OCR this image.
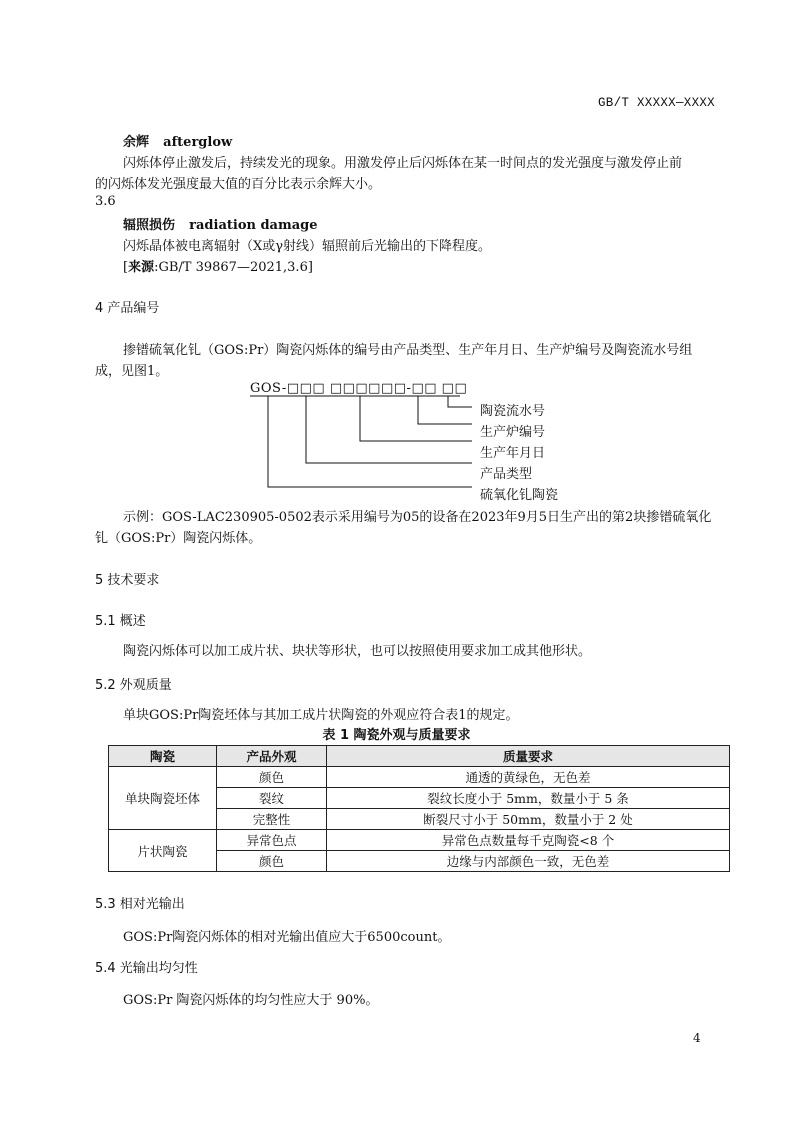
GB/T XXXXX—XXXX
余辉 afterglow
闪烁体停止激发后，持续发光的现象。用激发停止后闪烁体在某一时间点的发光强度与激发停止前
的闪烁体发光强度最大值的百分比表示余辉大小。
3.6
辐照损伤 radiation damage
闪烁晶体被电离辐射（X或γ射线）辐照前后光输出的下降程度。
[来源:GB/T 39867—2021,3.6]
4 产品编号
掺镨硫氧化钆（GOS:Pr）陶瓷闪烁体的编号由产品类型、生产年月日、生产炉编号及陶瓷流水号组
成，见图1。
GOS-□□□ □□□□□□-□□ □□
陶瓷流水号
生产炉编号
生产年月日
产品类型
硫氧化钆陶瓷
示例：GOS-LAC230905-0502表示采用编号为05的设备在2023年9月5日生产出的第2块掺镨硫氧化
钆（GOS:Pr）陶瓷闪烁体。
5 技术要求
5.1 概述
陶瓷闪烁体可以加工成片状、块状等形状，也可以按照使用要求加工成其他形状。
5.2 外观质量
单块GOS:Pr陶瓷坯体与其加工成片状陶瓷的外观应符合表1的规定。
表 1 陶瓷外观与质量要求
陶瓷	产品外观	质量要求
单块陶瓷坯体	颜色	通透的黄绿色，无色差
	裂纹	裂纹长度小于 5mm，数量小于 5 条
	完整性	断裂尺寸小于 50mm，数量小于 2 处
片状陶瓷	异常色点	异常色点数量每千克陶瓷<8 个
	颜色	边缘与内部颜色一致，无色差
5.3 相对光输出
GOS:Pr陶瓷闪烁体的相对光输出值应大于6500count。
5.4 光输出均匀性
GOS:Pr 陶瓷闪烁体的均匀性应大于 90%。
4
